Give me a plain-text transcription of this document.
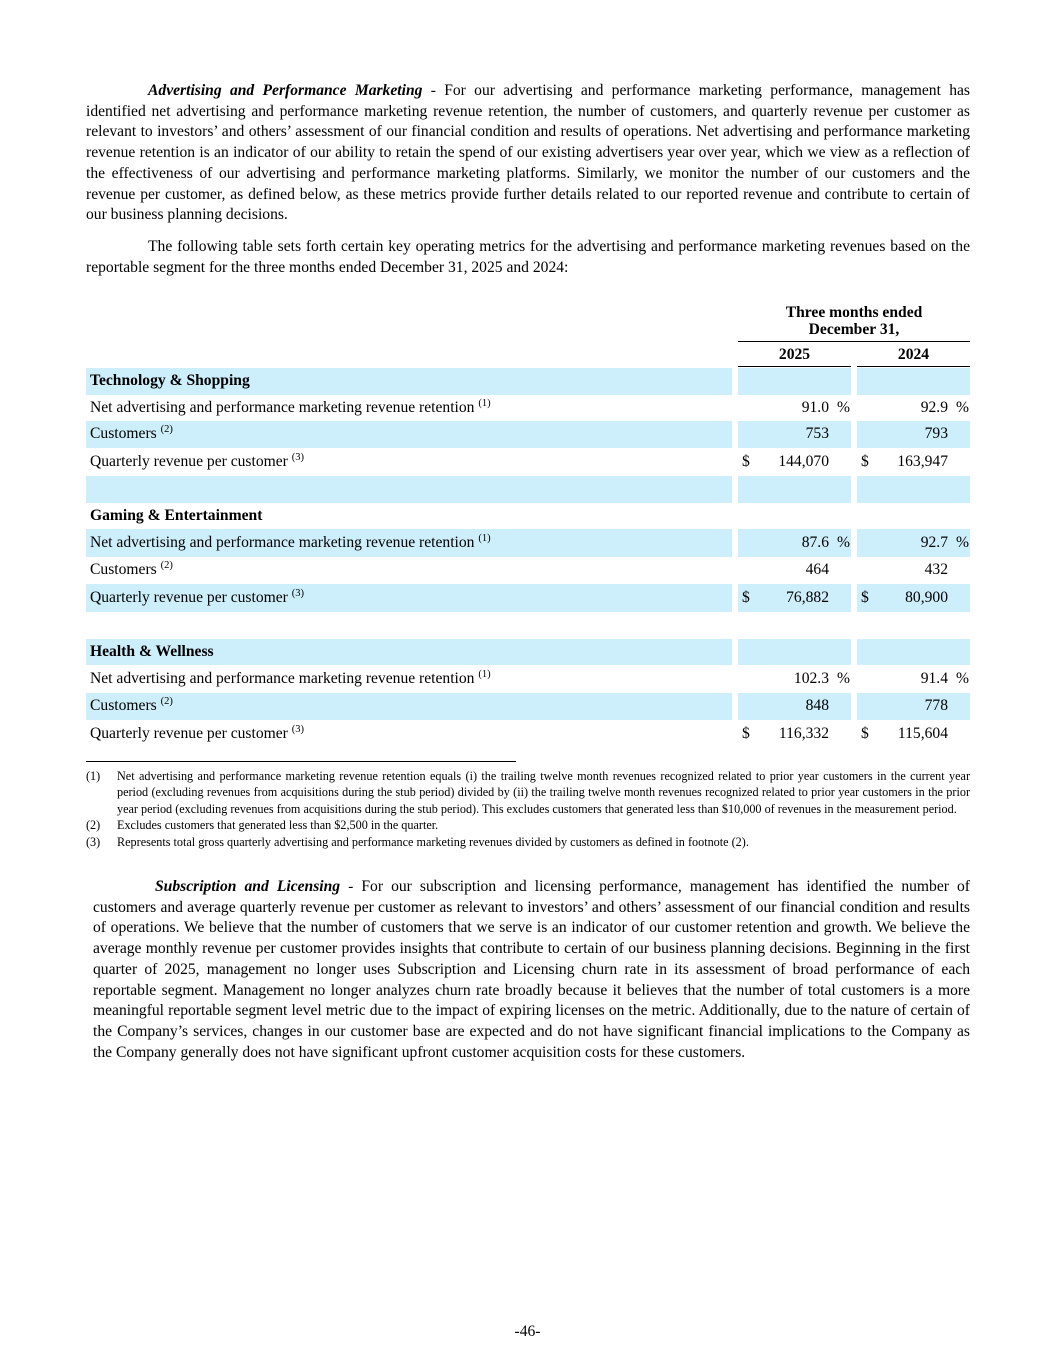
Advertising and Performance Marketing - For our advertising and performance marketing performance, management has identified net advertising and performance marketing revenue retention, the number of customers, and quarterly revenue per customer as relevant to investors’ and others’ assessment of our financial condition and results of operations. Net advertising and performance marketing revenue retention is an indicator of our ability to retain the spend of our existing advertisers year over year, which we view as a reflection of the effectiveness of our advertising and performance marketing platforms. Similarly, we monitor the number of our customers and the revenue per customer, as defined below, as these metrics provide further details related to our reported revenue and contribute to certain of our business planning decisions.

The following table sets forth certain key operating metrics for the advertising and performance marketing revenues based on the reportable segment for the three months ended December 31, 2025 and 2024:

Three months ended
December 31,
2025	2024
Technology & Shopping
Net advertising and performance marketing revenue retention $^{(1)}$	91.0 %	92.9 %
Customers $^{(2)}$	753	793
Quarterly revenue per customer $^{(3)}$	$ 144,070 $ 163,947
Gaming & Entertainment
Net advertising and performance marketing revenue retention $^{(1)}$	87.6 %	92.7 %
Customers $^{(2)}$	464	432
Quarterly revenue per customer $^{(3)}$	$ 76,882 $ 80,900
Health & Wellness
Net advertising and performance marketing revenue retention $^{(1)}$	102.3 %	91.4 %
Customers $^{(2)}$	848	778
Quarterly revenue per customer $^{(3)}$	$ 116,332 $ 115,604

(1) Net advertising and performance marketing revenue retention equals (i) the trailing twelve month revenues recognized related to prior year customers in the current year period (excluding revenues from acquisitions during the stub period) divided by (ii) the trailing twelve month revenues recognized related to prior year customers in the prior year period (excluding revenues from acquisitions during the stub period). This excludes customers that generated less than $10,000 of revenues in the measurement period.

(2) Excludes customers that generated less than $2,500 in the quarter.

(3) Represents total gross quarterly advertising and performance marketing revenues divided by customers as defined in footnote (2).

Subscription and Licensing - For our subscription and licensing performance, management has identified the number of customers and average quarterly revenue per customer as relevant to investors’ and others’ assessment of our financial condition and results of operations. We believe that the number of customers that we serve is an indicator of our customer retention and growth. We believe the average monthly revenue per customer provides insights that contribute to certain of our business planning decisions. Beginning in the first quarter of 2025, management no longer uses Subscription and Licensing churn rate in its assessment of broad performance of each reportable segment. Management no longer analyzes churn rate broadly because it believes that the number of total customers is a more meaningful reportable segment level metric due to the impact of expiring licenses on the metric. Additionally, due to the nature of certain of the Company’s services, changes in our customer base are expected and do not have significant financial implications to the Company as the Company generally does not have significant upfront customer acquisition costs for these customers.

-46-
